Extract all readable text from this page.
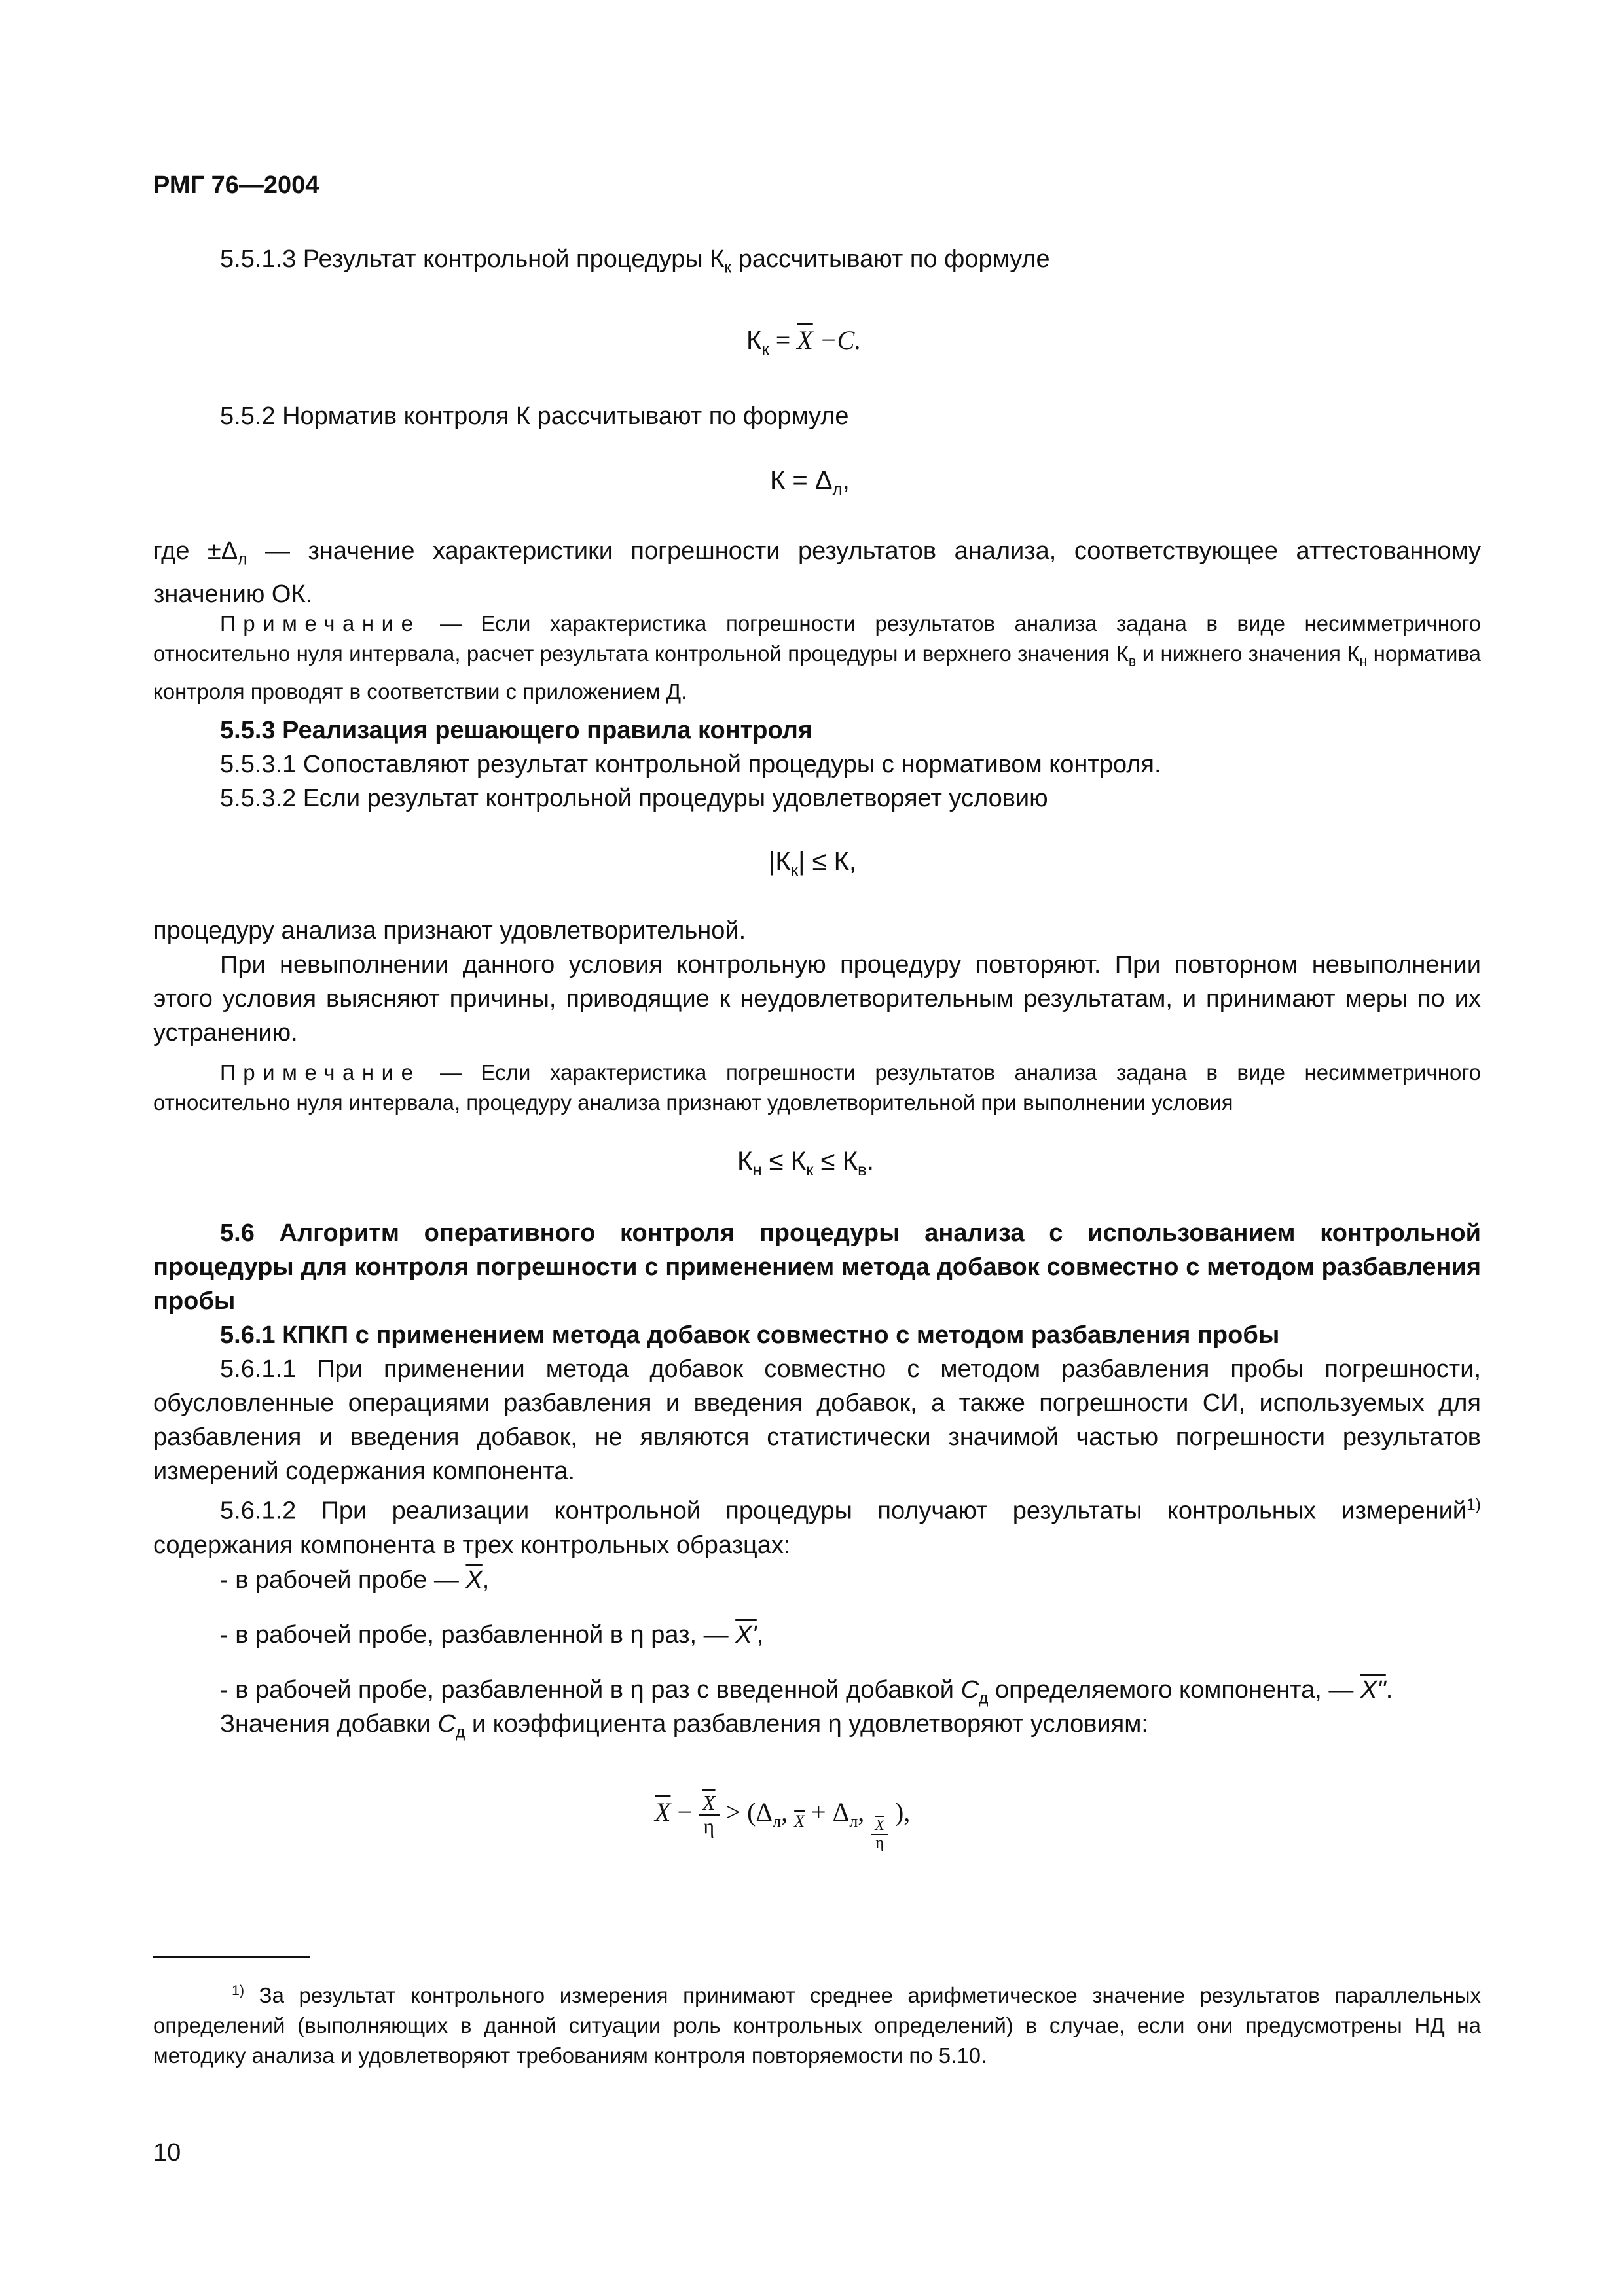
РМГ 76—2004

5.5.1.3 Результат контрольной процедуры $К_к$ рассчитывают по формуле

$К_к = \overline{X} -С$.

5.5.2 Норматив контроля К рассчитывают по формуле

$К = \Delta_л$,

где $\pm\Delta_л$ — значение характеристики погрешности результатов анализа, соответствующее аттестованному значению ОК.

Примечание — Если характеристика погрешности результатов анализа задана в виде несимметричного относительно нуля интервала, расчет результата контрольной процедуры и верхнего значения $К_в$ и нижнего значения $К_н$ норматива контроля проводят в соответствии с приложением Д.

5.5.3 Реализация решающего правила контроля

5.5.3.1 Сопоставляют результат контрольной процедуры с нормативом контроля.

5.5.3.2 Если результат контрольной процедуры удовлетворяет условию

$|К_к| \le К$,

процедуру анализа признают удовлетворительной.

При невыполнении данного условия контрольную процедуру повторяют. При повторном невыполнении этого условия выясняют причины, приводящие к неудовлетворительным результатам, и принимают меры по их устранению.

Примечание — Если характеристика погрешности результатов анализа задана в виде несимметричного относительно нуля интервала, процедуру анализа признают удовлетворительной при выполнении условия

$К_н \le К_к \le К_в$.

5.6 Алгоритм оперативного контроля процедуры анализа с использованием контрольной процедуры для контроля погрешности с применением метода добавок совместно с методом разбавления пробы

5.6.1 КПКП с применением метода добавок совместно с методом разбавления пробы

5.6.1.1 При применении метода добавок совместно с методом разбавления пробы погрешности, обусловленные операциями разбавления и введения добавок, а также погрешности СИ, используемых для разбавления и введения добавок, не являются статистически значимой частью погрешности результатов измерений содержания компонента.

5.6.1.2 При реализации контрольной процедуры получают результаты контрольных измерений$^{1)}$ содержания компонента в трех контрольных образцах:

- в рабочей пробе — $\overline{X}$,
- в рабочей пробе, разбавленной в η раз, — X',
- в рабочей пробе, разбавленной в η раз с введенной добавкой $С_д$ определяемого компонента, — X".
Значения добавки $С_д$ и коэффициента разбавления η удовлетворяют условиям:
$\overline{X} - \frac{\overline{X}}{\eta} > (\Delta_л$, $_{\overline{X}} + \Delta_л$,
$\frac{\overline{X}}{\eta}$
),

$^{1)}$ За результат контрольного измерения принимают среднее арифметическое значение результатов параллельных определений (выполняющих в данной ситуации роль контрольных определений) в случае, если они предусмотрены НД на методику анализа и удовлетворяют требованиям контроля повторяемости по 5.10.

10
